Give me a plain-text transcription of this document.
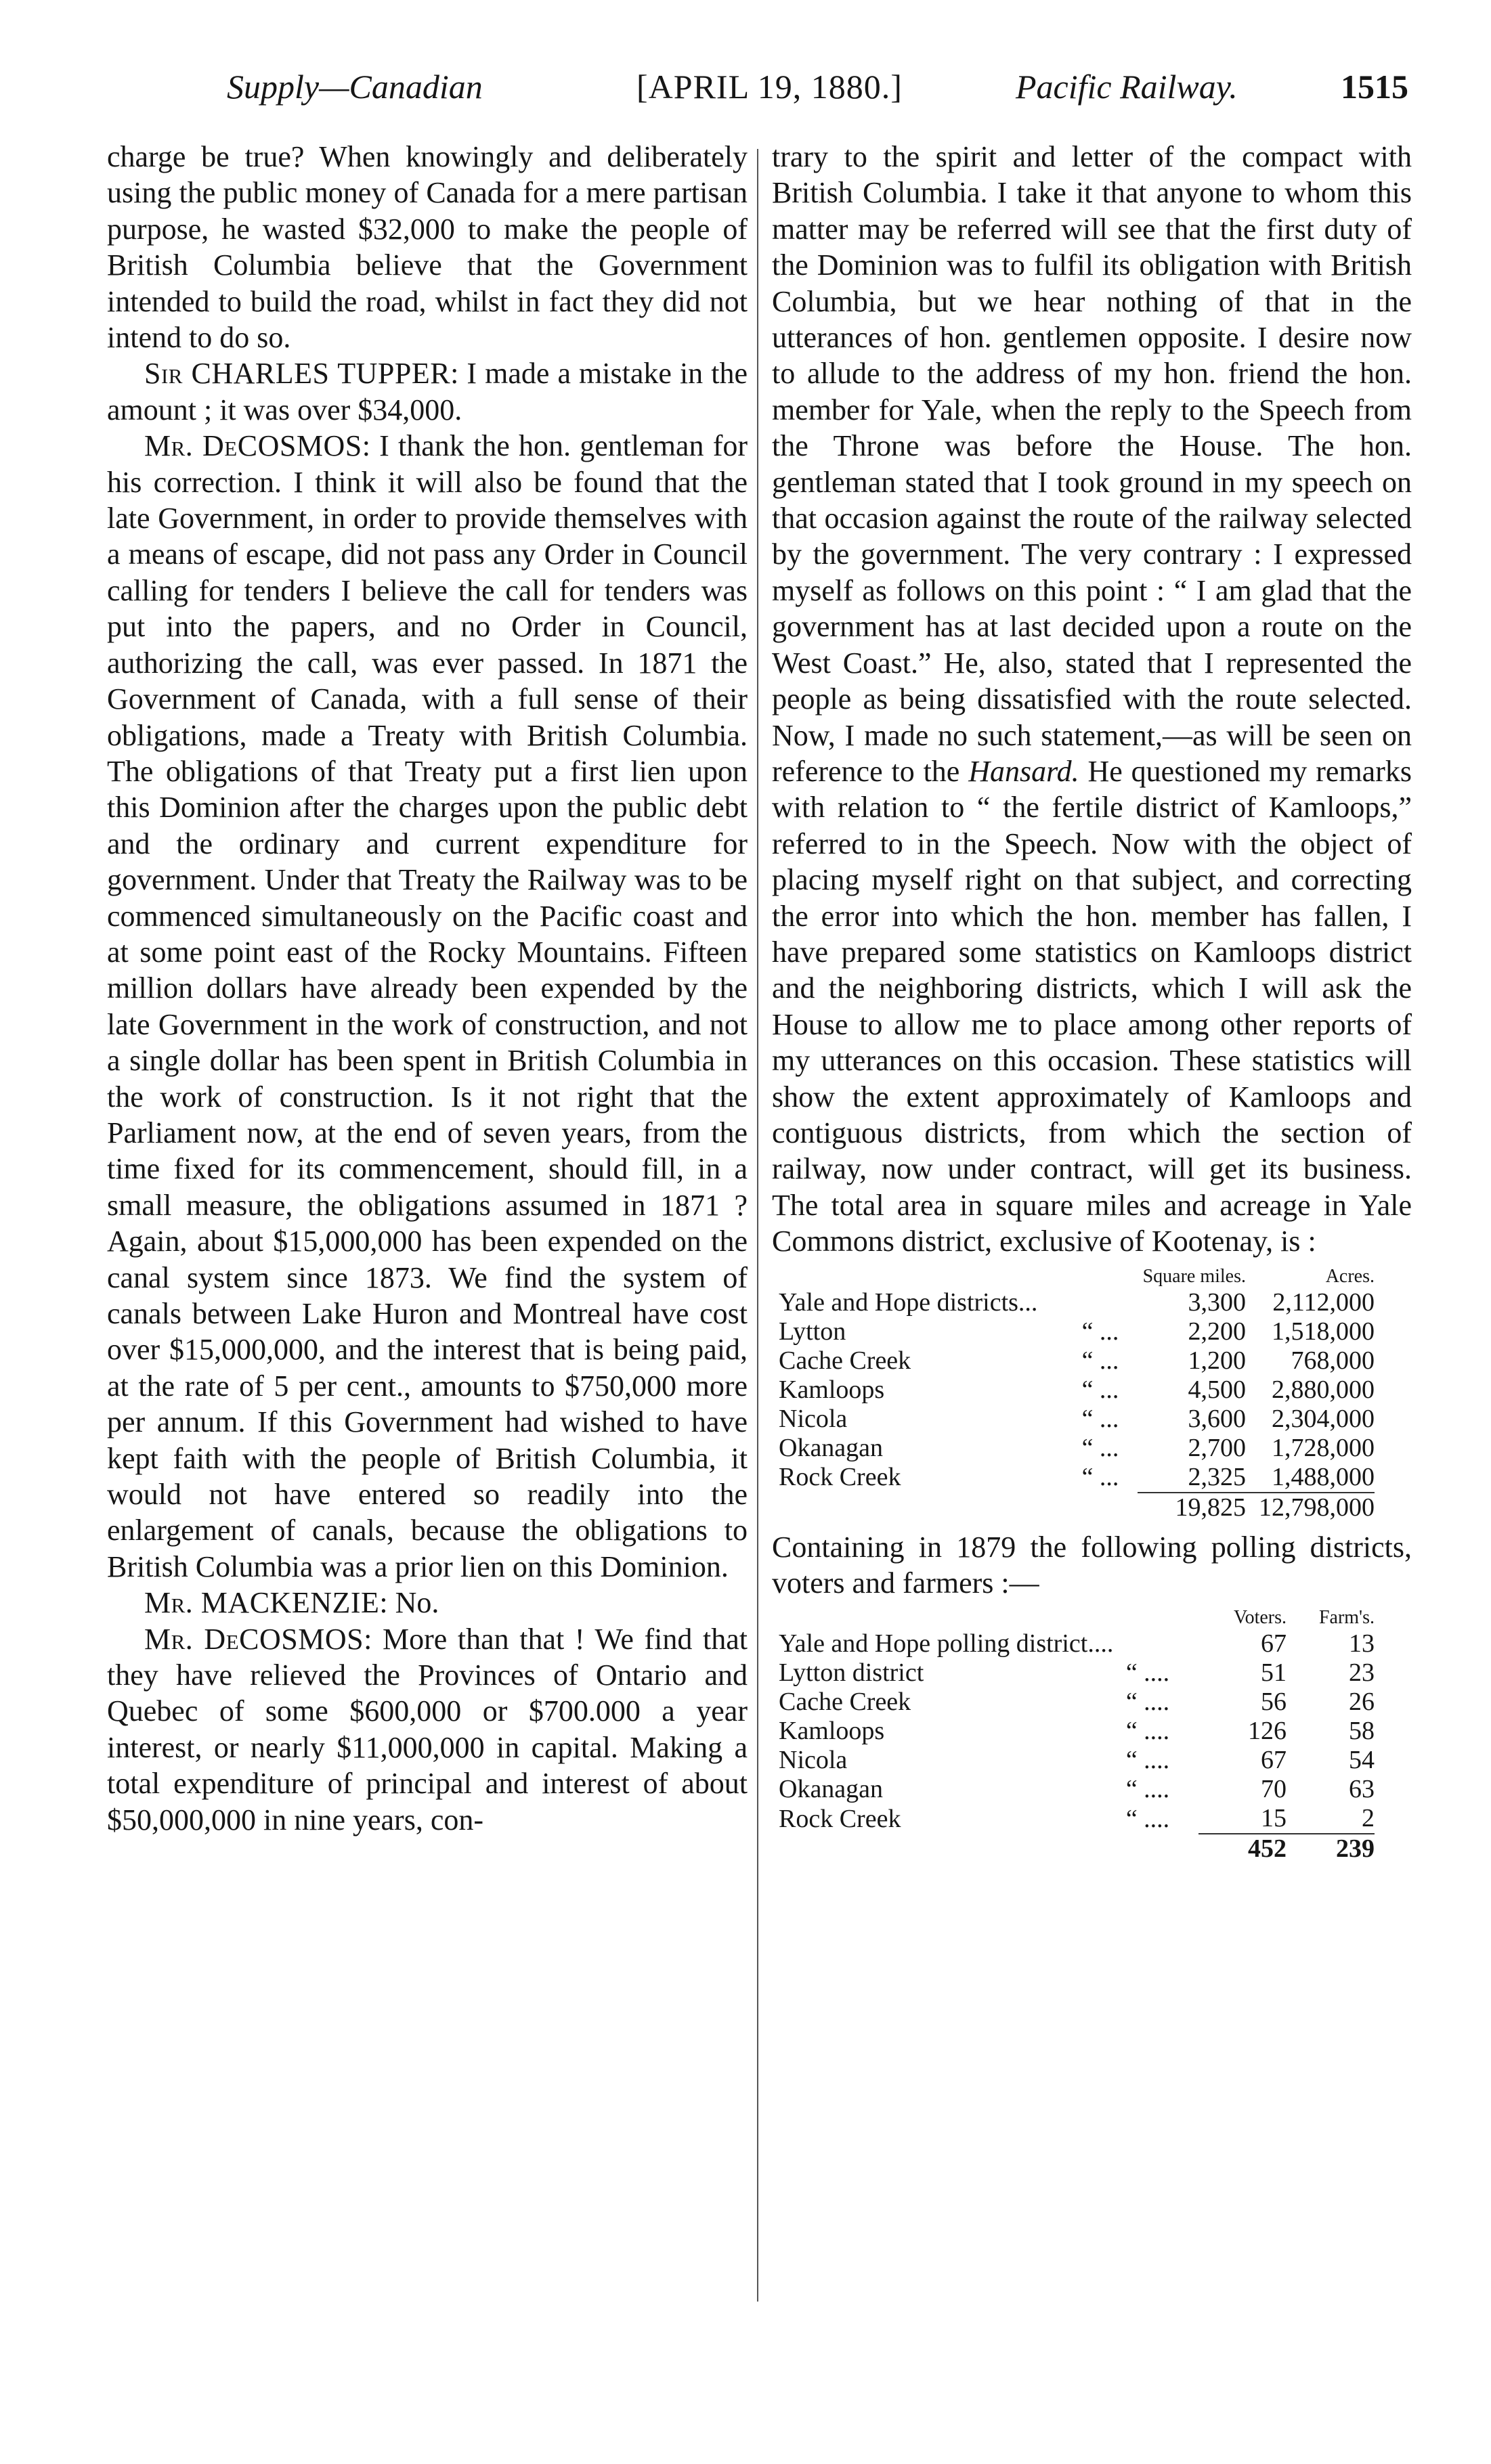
Supply—Canadian	[APRIL 19, 1880.]	Pacific Railway.	1515

charge be true? When knowingly and deliberately using the public money of Canada for a mere partisan purpose, he wasted $32,000 to make the people of British Columbia believe that the Government intended to build the road, whilst in fact they did not intend to do so.

Sir CHARLES TUPPER: I made a mistake in the amount ; it was over $34,000.

Mr. DeCOSMOS: I thank the hon. gentleman for his correction. I think it will also be found that the late Government, in order to provide themselves with a means of escape, did not pass any Order in Council calling for tenders I believe the call for tenders was put into the papers, and no Order in Council, authorizing the call, was ever passed. In 1871 the Government of Canada, with a full sense of their obligations, made a Treaty with British Columbia. The obligations of that Treaty put a first lien upon this Dominion after the charges upon the public debt and the ordinary and current expenditure for government. Under that Treaty the Railway was to be commenced simultaneously on the Pacific coast and at some point east of the Rocky Mountains. Fifteen million dollars have already been expended by the late Government in the work of construction, and not a single dollar has been spent in British Columbia in the work of construction. Is it not right that the Parliament now, at the end of seven years, from the time fixed for its commencement, should fill, in a small measure, the obligations assumed in 1871 ? Again, about $15,000,000 has been expended on the canal system since 1873. We find the system of canals between Lake Huron and Montreal have cost over $15,000,000, and the interest that is being paid, at the rate of 5 per cent., amounts to $750,000 more per annum. If this Government had wished to have kept faith with the people of British Columbia, it would not have entered so readily into the enlargement of canals, because the obligations to British Columbia was a prior lien on this Dominion.

Mr. MACKENZIE: No.

Mr. DeCOSMOS: More than that ! We find that they have relieved the Provinces of Ontario and Quebec of some $600,000 or $700.000 a year interest, or nearly $11,000,000 in capital. Making a total expenditure of principal and interest of about $50,000,000 in nine years, con-

trary to the spirit and letter of the compact with British Columbia. I take it that anyone to whom this matter may be referred will see that the first duty of the Dominion was to fulfil its obligation with British Columbia, but we hear nothing of that in the utterances of hon. gentlemen opposite. I desire now to allude to the address of my hon. friend the hon. member for Yale, when the reply to the Speech from the Throne was before the House. The hon. gentleman stated that I took ground in my speech on that occasion against the route of the railway selected by the government. The very contrary : I expressed myself as follows on this point : “ I am glad that the government has at last decided upon a route on the West Coast.” He, also, stated that I represented the people as being dissatisfied with the route selected. Now, I made no such statement,—as will be seen on reference to the Hansard. He questioned my remarks with relation to “ the fertile district of Kamloops,” referred to in the Speech. Now with the object of placing myself right on that subject, and correcting the error into which the hon. member has fallen, I have prepared some statistics on Kamloops district and the neighboring districts, which I will ask the House to allow me to place among other reports of my utterances on this occasion. These statistics will show the extent approximately of Kamloops and contiguous districts, from which the section of railway, now under contract, will get its business. The total area in square miles and acreage in Yale Commons district, exclusive of Kootenay, is :

		Square miles.	Acres.
Yale and Hope districts...		3,300	2,112,000
Lytton	“ ...	2,200	1,518,000
Cache Creek	“ ...	1,200	768,000
Kamloops	“ ...	4,500	2,880,000
Nicola	“ ...	3,600	2,304,000
Okanagan	“ ...	2,700	1,728,000
Rock Creek	“ ...	2,325	1,488,000
		19,825	12,798,000

Containing in 1879 the following polling districts, voters and farmers :—

		Voters.	Farm's.
Yale and Hope polling district....		67	13
Lytton district	“ ....	51	23
Cache Creek	“ ....	56	26
Kamloops	“ ....	126	58
Nicola	“ ....	67	54
Okanagan	“ ....	70	63
Rock Creek	“ ....	15	2
		452	239
